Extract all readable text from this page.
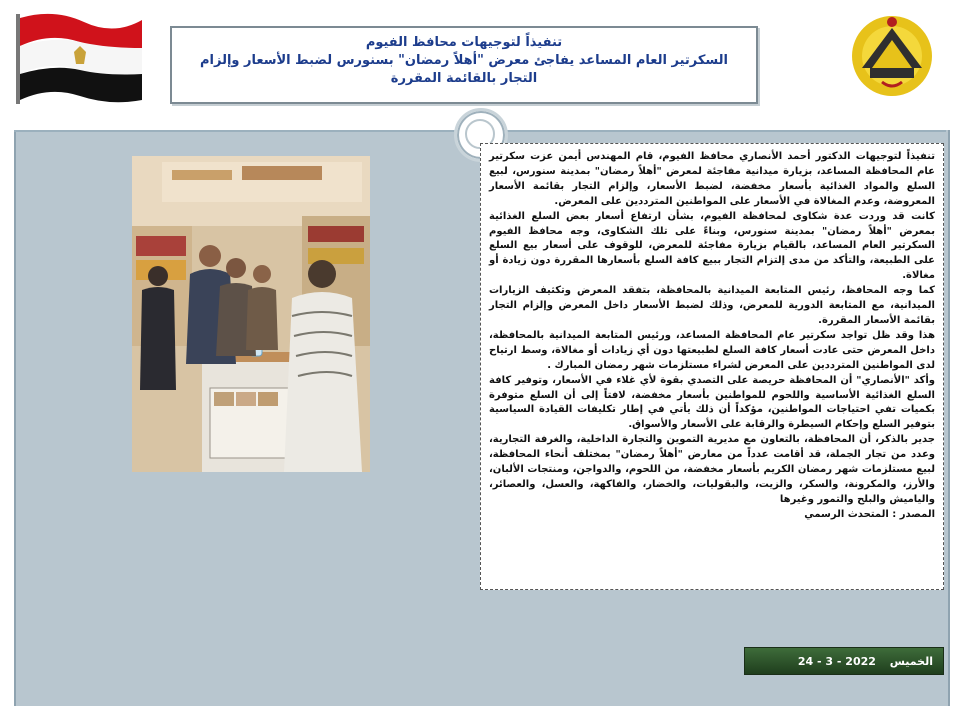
تنفيذاً لتوجيهات محافظ الفيوم
السكرتير العام المساعد يفاجئ معرض "أهلاً رمضان" بسنورس لضبط الأسعار وإلزام التجار بالقائمة المقررة

تنفيذاً لتوجيهات الدكتور أحمد الأنصاري محافظ الفيوم، قام المهندس أيمن عزت سكرتير عام المحافظة المساعد، بزيارة ميدانية مفاجئة لمعرض "أهلاً رمضان" بمدينة سنورس، لبيع السلع والمواد الغذائية بأسعار مخفضة، لضبط الأسعار، وإلزام التجار بقائمة الأسعار المعروضة، وعدم المغالاة في الأسعار على المواطنين المترددين على المعرض.

كانت قد وردت عدة شكاوى لمحافظة الفيوم، بشأن ارتفاع أسعار بعض السلع الغذائية بمعرض "أهلاً رمضان" بمدينة سنورس، وبناءً على تلك الشكاوى، وجه محافظ الفيوم السكرتير العام المساعد، بالقيام بزيارة مفاجئة للمعرض، للوقوف على أسعار بيع السلع على الطبيعة، والتأكد من مدى إلتزام التجار ببيع كافة السلع بأسعارها المقررة دون زيادة أو مغالاة.

كما وجه المحافظ، رئيس المتابعة الميدانية بالمحافظة، بتفقد المعرض وتكثيف الزيارات الميدانية، مع المتابعة الدورية للمعرض، وذلك لضبط الأسعار داخل المعرض وإلزام التجار بقائمة الأسعار المقررة.

هذا وقد ظل تواجد سكرتير عام المحافظة المساعد، ورئيس المتابعة الميدانية بالمحافظة، داخل المعرض حتى عادت أسعار كافة السلع لطبيعتها دون أي زيادات أو مغالاة، وسط ارتياح لدى المواطنين المترددين على المعرض لشراء مستلزمات شهر رمضان المبارك .

وأكد "الأنصاري" أن المحافظة حريصة على التصدي بقوة لأي غلاء في الأسعار، وتوفير كافة السلع الغذائية الأساسية واللحوم للمواطنين بأسعار مخفضة، لافتاً إلى أن السلع متوفرة بكميات تفي احتياجات المواطنين، مؤكداً أن ذلك يأتي في إطار تكليفات القيادة السياسية بتوفير السلع وإحكام السيطرة والرقابة على الأسعار والأسواق.

جدير بالذكر، أن المحافظة، بالتعاون مع مديرية التموين والتجارة الداخلية، والغرفة التجارية، وعدد من تجار الجملة، قد أقامت عدداً من معارض "أهلاً رمضان" بمختلف أنحاء المحافظة، لبيع مستلزمات شهر رمضان الكريم بأسعار مخفضة، من اللحوم، والدواجن، ومنتجات الألبان، والأرز، والمكرونة، والسكر، والزيت، والبقوليات، والخضار، والفاكهة، والعسل، والعصائر، والياميش والبلح والتمور وغيرها

المصدر : المتحدث الرسمي

الخميس 24 - 3 - 2022
